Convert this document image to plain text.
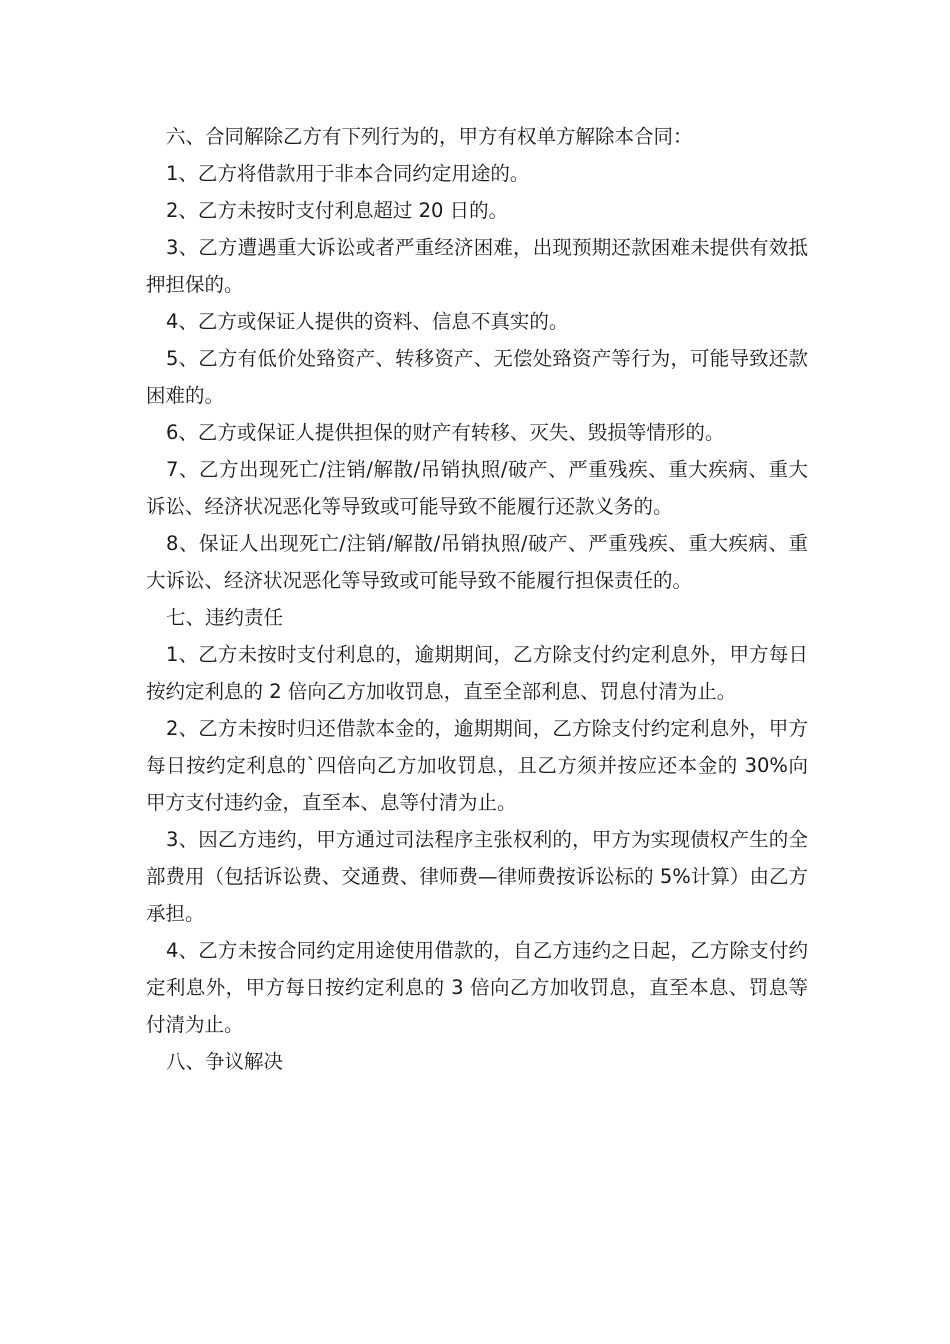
六、合同解除乙方有下列行为的，甲方有权单方解除本合同：

1、乙方将借款用于非本合同约定用途的。

2、乙方未按时支付利息超过 20 日的。

3、乙方遭遇重大诉讼或者严重经济困难，出现预期还款困难未提供有效抵押担保的。

4、乙方或保证人提供的资料、信息不真实的。

5、乙方有低价处臵资产、转移资产、无偿处臵资产等行为，可能导致还款困难的。

6、乙方或保证人提供担保的财产有转移、灭失、毁损等情形的。

7、乙方出现死亡/注销/解散/吊销执照/破产、严重残疾、重大疾病、重大诉讼、经济状况恶化等导致或可能导致不能履行还款义务的。

8、保证人出现死亡/注销/解散/吊销执照/破产、严重残疾、重大疾病、重大诉讼、经济状况恶化等导致或可能导致不能履行担保责任的。

七、违约责任

1、乙方未按时支付利息的，逾期期间，乙方除支付约定利息外，甲方每日按约定利息的 2 倍向乙方加收罚息，直至全部利息、罚息付清为止。

2、乙方未按时归还借款本金的，逾期期间，乙方除支付约定利息外，甲方每日按约定利息的`四倍向乙方加收罚息，且乙方须并按应还本金的 30%向甲方支付违约金，直至本、息等付清为止。

3、因乙方违约，甲方通过司法程序主张权利的，甲方为实现债权产生的全部费用（包括诉讼费、交通费、律师费—律师费按诉讼标的 5%计算）由乙方承担。

4、乙方未按合同约定用途使用借款的，自乙方违约之日起，乙方除支付约定利息外，甲方每日按约定利息的 3 倍向乙方加收罚息，直至本息、罚息等付清为止。

八、争议解决
